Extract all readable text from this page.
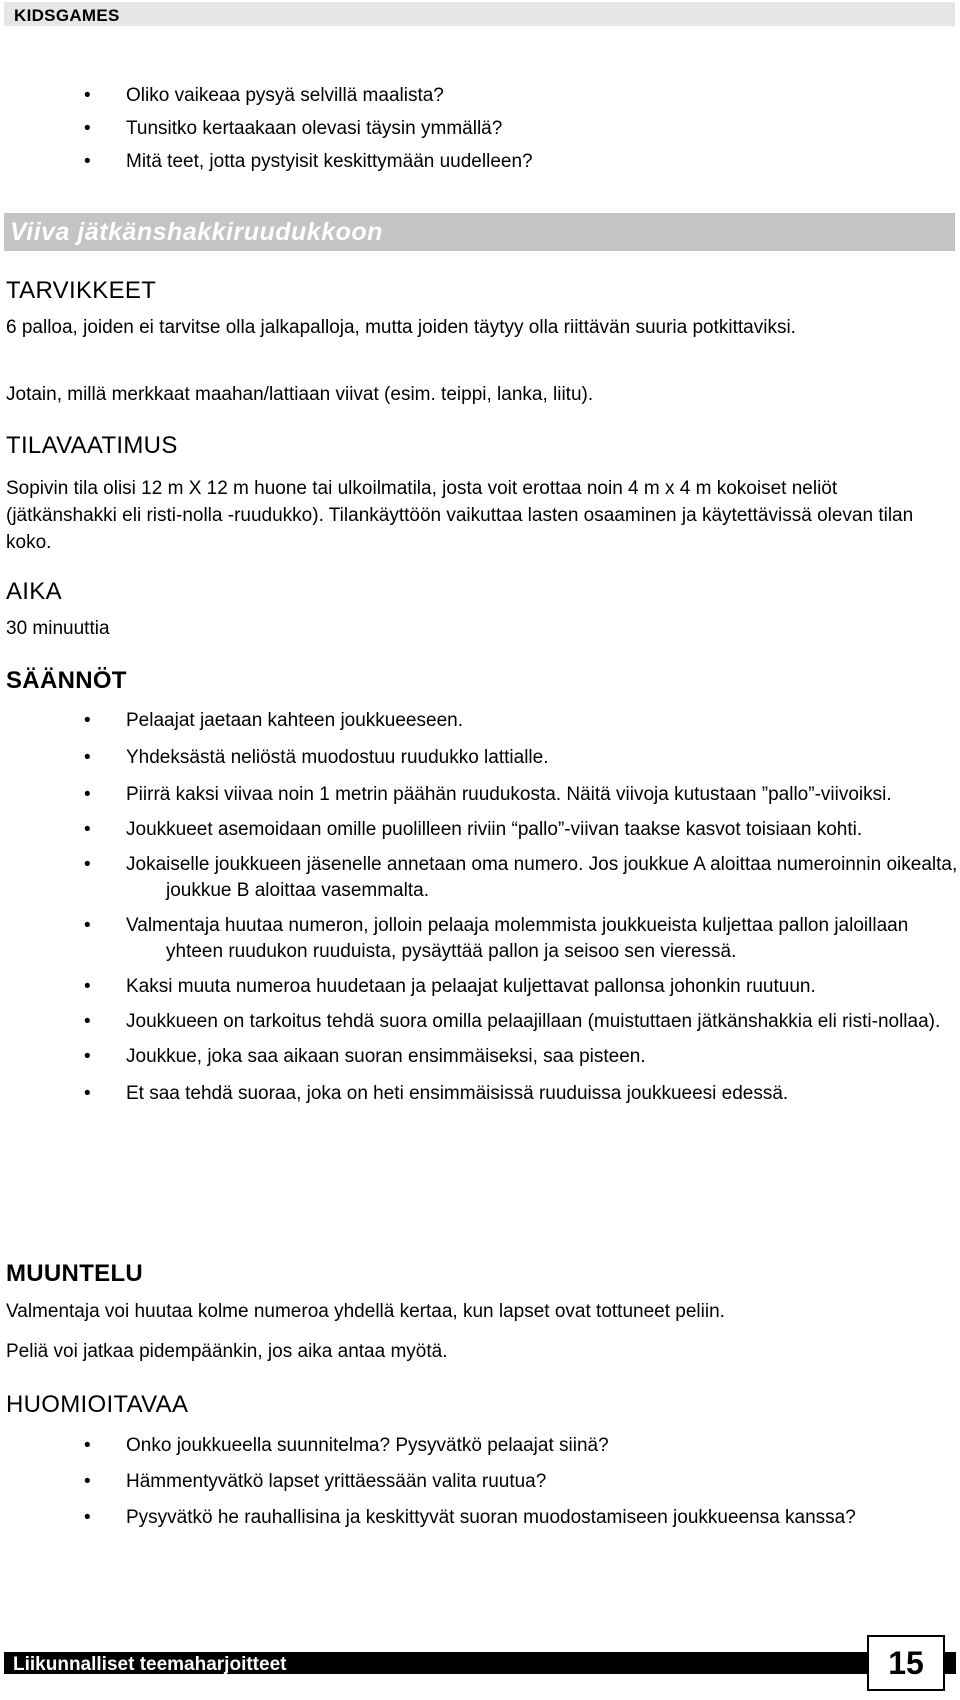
KIDSGAMES
• Oliko vaikeaa pysyä selvillä maalista?
• Tunsitko kertaakaan olevasi täysin ymmällä?
• Mitä teet, jotta pystyisit keskittymään uudelleen?
Viiva jätkänshakkiruudukkoon
TARVIKKEET
6 palloa, joiden ei tarvitse olla jalkapalloja, mutta joiden täytyy olla riittävän suuria potkittaviksi.
Jotain, millä merkkaat maahan/lattiaan viivat (esim. teippi, lanka, liitu).
TILAVAATIMUS
Sopivin tila olisi 12 m X 12 m huone tai ulkoilmatila, josta voit erottaa noin 4 m x 4 m kokoiset neliöt (jätkänshakki eli risti-nolla -ruudukko). Tilankäyttöön vaikuttaa lasten osaaminen ja käytettävissä olevan tilan koko.
AIKA
30 minuuttia
SÄÄNNÖT
• Pelaajat jaetaan kahteen joukkueeseen.
• Yhdeksästä neliöstä muodostuu ruudukko lattialle.
• Piirrä kaksi viivaa noin 1 metrin päähän ruudukosta. Näitä viivoja kutustaan ”pallo”-viivoiksi.
• Joukkueet asemoidaan omille puolilleen riviin “pallo”-viivan taakse kasvot toisiaan kohti.
• Jokaiselle joukkueen jäsenelle annetaan oma numero. Jos joukkue A aloittaa numeroinnin oikealta, joukkue B aloittaa vasemmalta.
• Valmentaja huutaa numeron, jolloin pelaaja molemmista joukkueista kuljettaa pallon jaloillaan yhteen ruudukon ruuduista, pysäyttää pallon ja seisoo sen vieressä.
• Kaksi muuta numeroa huudetaan ja pelaajat kuljettavat pallonsa johonkin ruutuun.
• Joukkueen on tarkoitus tehdä suora omilla pelaajillaan (muistuttaen jätkänshakkia eli risti-nollaa).
• Joukkue, joka saa aikaan suoran ensimmäiseksi, saa pisteen.
• Et saa tehdä suoraa, joka on heti ensimmäisissä ruuduissa joukkueesi edessä.
MUUNTELU
Valmentaja voi huutaa kolme numeroa yhdellä kertaa, kun lapset ovat tottuneet peliin.
Peliä voi jatkaa pidempäänkin, jos aika antaa myötä.
HUOMIOITAVAA
• Onko joukkueella suunnitelma? Pysyvätkö pelaajat siinä?
• Hämmentyvätkö lapset yrittäessään valita ruutua?
• Pysyvätkö he rauhallisina ja keskittyvät suoran muodostamiseen joukkueensa kanssa?
Liikunnalliset teemaharjoitteet	15
